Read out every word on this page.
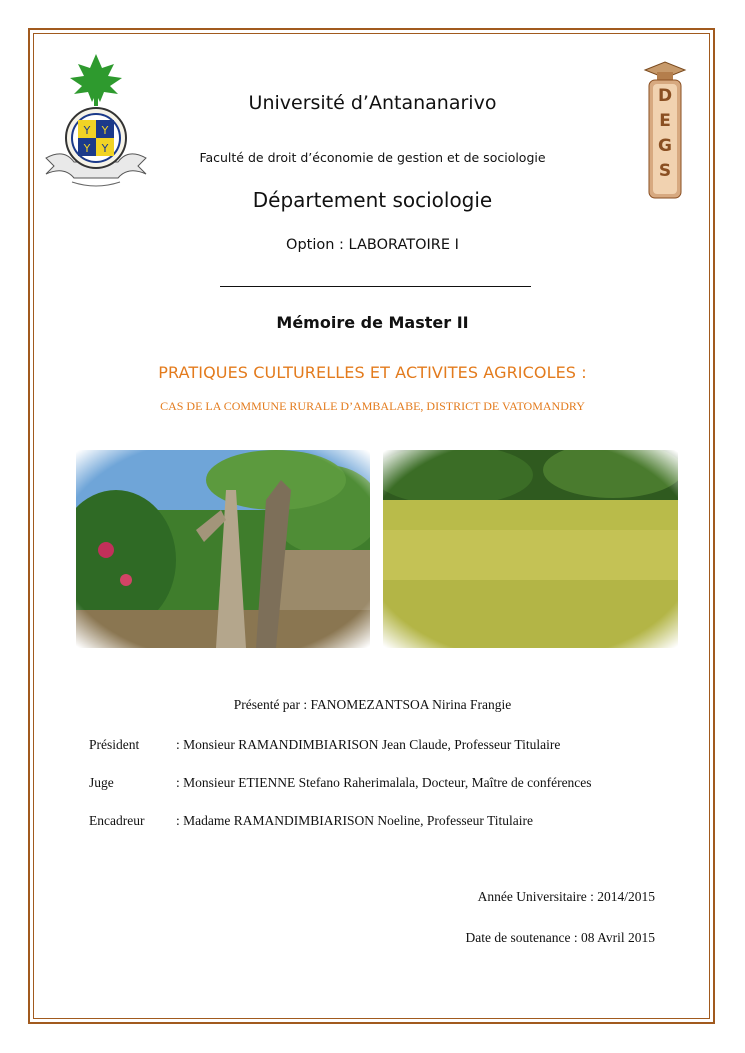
Y Y
Y Y
D E G S
Université d’Antananarivo
Faculté de droit d’économie de gestion et de sociologie
Département sociologie
Option : LABORATOIRE I
Mémoire de Master II
PRATIQUES CULTURELLES ET ACTIVITES AGRICOLES :
CAS DE LA COMMUNE RURALE D’AMBALABE, DISTRICT DE VATOMANDRY
Présenté par : FANOMEZANTSOA Nirina Frangie
Président	: Monsieur RAMANDIMBIARISON Jean Claude, Professeur Titulaire
Juge	: Monsieur ETIENNE Stefano Raherimalala, Docteur, Maître de conférences
Encadreur : Madame RAMANDIMBIARISON Noeline, Professeur Titulaire
Année Universitaire : 2014/2015
Date de soutenance : 08 Avril 2015
